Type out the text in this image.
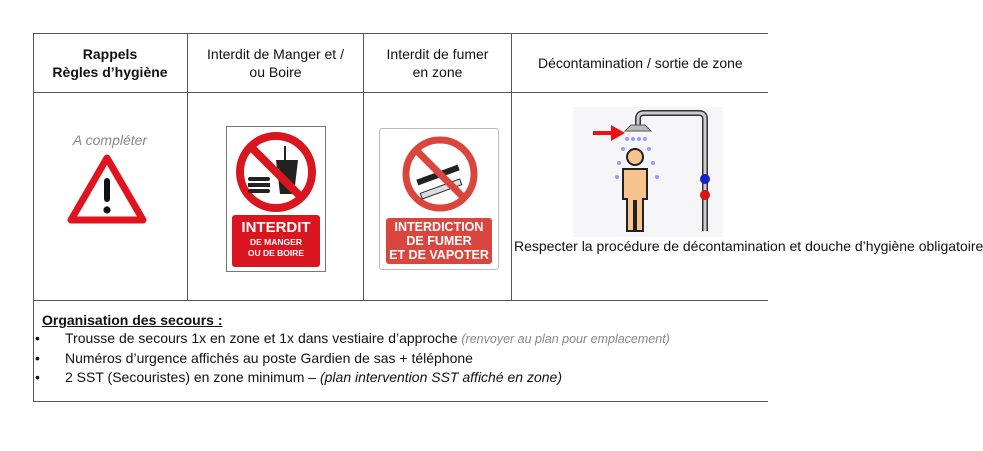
Rappels
Règles d’hygiène
Interdit de Manger et / ou Boire
Interdit de fumer en zone
Décontamination / sortie de zone
A compléter
INTERDIT
DE MANGER
OU DE BOIRE
INTERDICTION
DE FUMER
ET DE VAPOTER
Respecter la procédure de décontamination et douche d’hygiène obligatoire
Organisation des secours :
• Trousse de secours 1x en zone et 1x dans vestiaire d’approche (renvoyer au plan pour emplacement)
• Numéros d’urgence affichés au poste Gardien de sas + téléphone
• 2 SST (Secouristes) en zone minimum – (plan intervention SST affiché en zone)
